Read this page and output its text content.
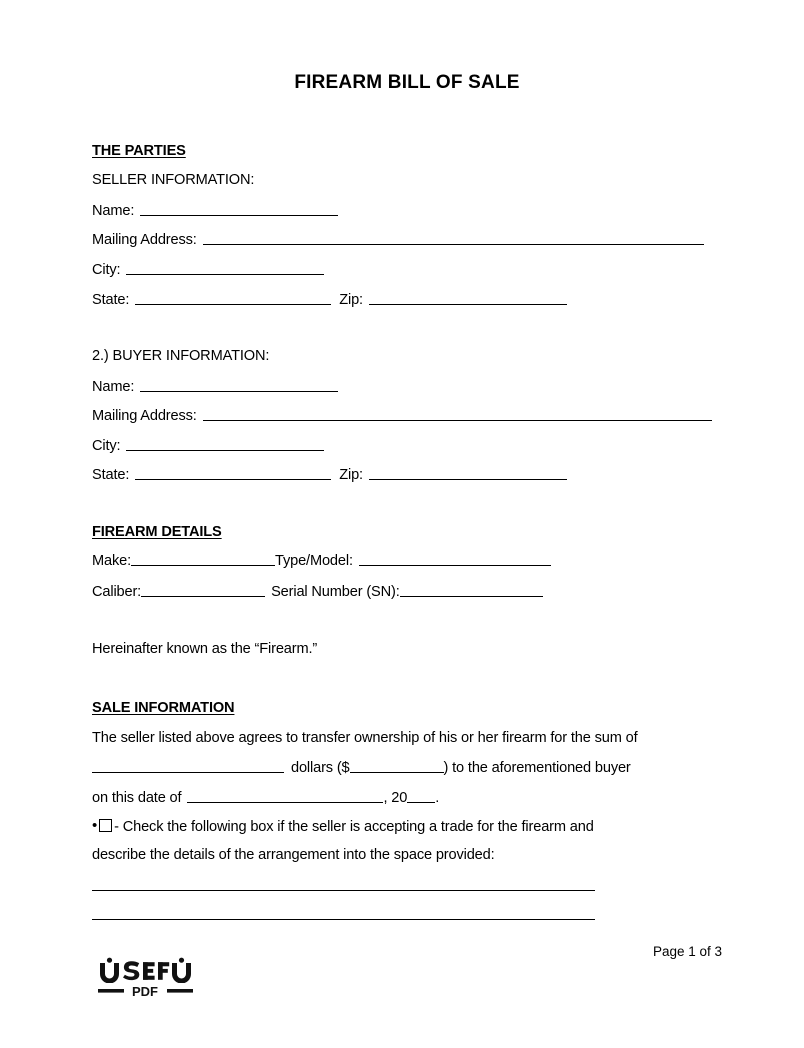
FIREARM BILL OF SALE
THE PARTIES
SELLER INFORMATION:
Name:
Mailing Address:
City:
State:	Zip:
2.) BUYER INFORMATION:
Name:
Mailing Address:
City:
State:	Zip:
FIREARM DETAILS
Make:	Type/Model:
Caliber:	Serial Number (SN):
Hereinafter known as the “Firearm.”
SALE INFORMATION
The seller listed above agrees to transfer ownership of his or her firearm for the sum of
dollars ($	) to the aforementioned buyer
on this date of	, 20 .
• - Check the following box if the seller is accepting a trade for the firearm and
describe the details of the arrangement into the space provided:
Page 1 of 3
PDF
